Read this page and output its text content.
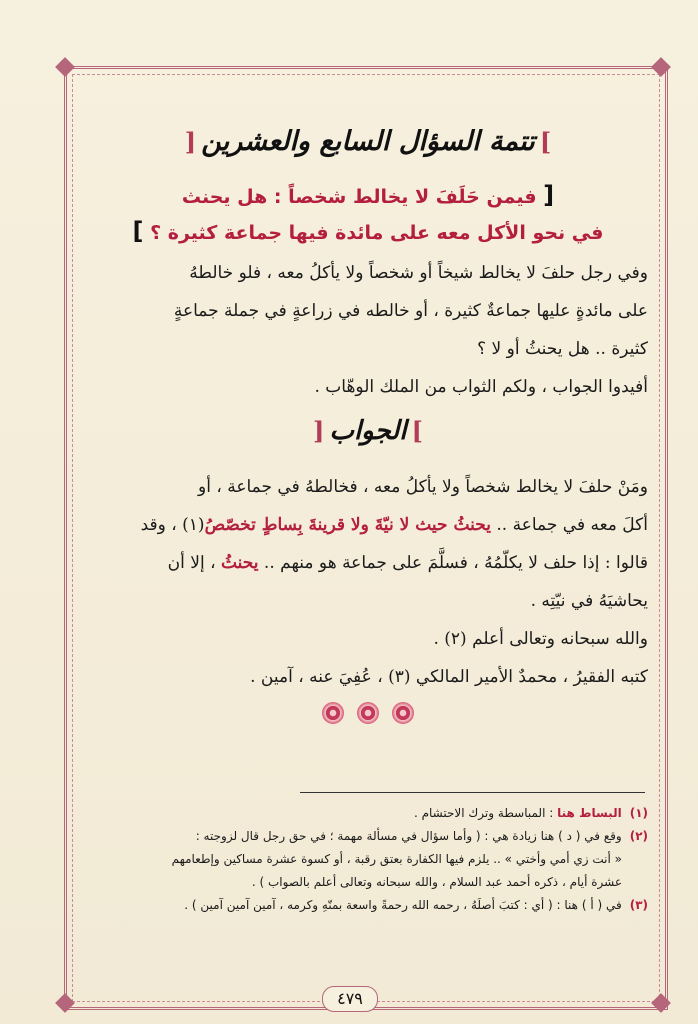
] تتمة السؤال السابع والعشرين [
[ فيمن حَلَفَ لا يخالط شخصاً : هل يحنث
في نحو الأكل معه على مائدة فيها جماعة كثيرة ؟ ]

وفي رجل حلفَ لا يخالط شيخاً أو شخصاً ولا يأكلُ معه ، فلو خالطهُ
على مائدةٍ عليها جماعةٌ كثيرة ، أو خالطه في زراعةٍ في جملة جماعةٍ
كثيرة .. هل يحنثُ أو لا ؟
أفيدوا الجواب ، ولكم الثواب من الملك الوهّاب .

] الجواب [

ومَنْ حلفَ لا يخالط شخصاً ولا يأكلُ معه ، فخالطهُ في جماعة ، أو
أكلَ معه في جماعة .. يحنثُ حيث لا نيّةَ ولا قرينةَ بِساطٍ تخصّصُ(١) ، وقد
قالوا : إذا حلف لا يكلّمُهُ ، فسلَّمَ على جماعة هو منهم .. يحنثُ ، إلا أن
يحاشيَهُ في نيّتِه .
والله سبحانه وتعالى أعلم (٢) .
كتبه الفقيرُ ، محمدٌ الأمير المالكي (٣) ، عُفِيَ عنه ، آمين .

(١)البساط هنا : المباسطة وترك الاحتشام .
(٢)وقع في ( د ) هنا زيادة هي : ( وأما سؤال في مسألة مهمة ؛ في حق رجل قال لزوجته :
« أنت زي أمي وأختي » .. يلزم فيها الكفارة بعتق رقبة ، أو كسوة عشرة مساكين وإطعامهم
عشرة أيام ، ذكره أحمد عبد السلام ، والله سبحانه وتعالى أعلم بالصواب ) .
(٣)في ( أ ) هنا : ( أي : كتبَ أصلَهُ ، رحمه الله رحمةً واسعة بمنّهِ وكرمه ، آمين آمين آمين ) .
٤٧٩
